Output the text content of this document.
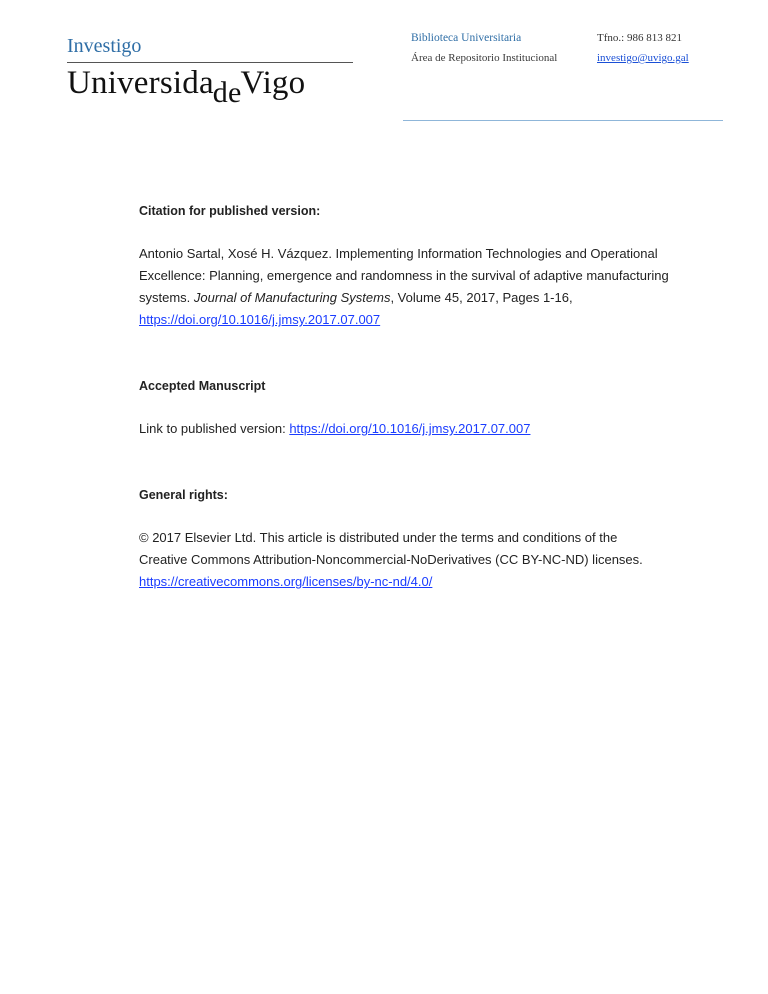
Investigo
UniversidadeVigo
Biblioteca Universitaria	Tfno.: 986 813 821
Área de Repositorio Institucional	investigo@uvigo.gal

Citation for published version:

Antonio Sartal, Xosé H. Vázquez. Implementing Information Technologies and Operational Excellence: Planning, emergence and randomness in the survival of adaptive manufacturing systems. Journal of Manufacturing Systems, Volume 45, 2017, Pages 1-16,
https://doi.org/10.1016/j.jmsy.2017.07.007

Accepted Manuscript

Link to published version: https://doi.org/10.1016/j.jmsy.2017.07.007

General rights:

© 2017 Elsevier Ltd. This article is distributed under the terms and conditions of the Creative Commons Attribution-Noncommercial-NoDerivatives (CC BY-NC-ND) licenses.
https://creativecommons.org/licenses/by-nc-nd/4.0/
